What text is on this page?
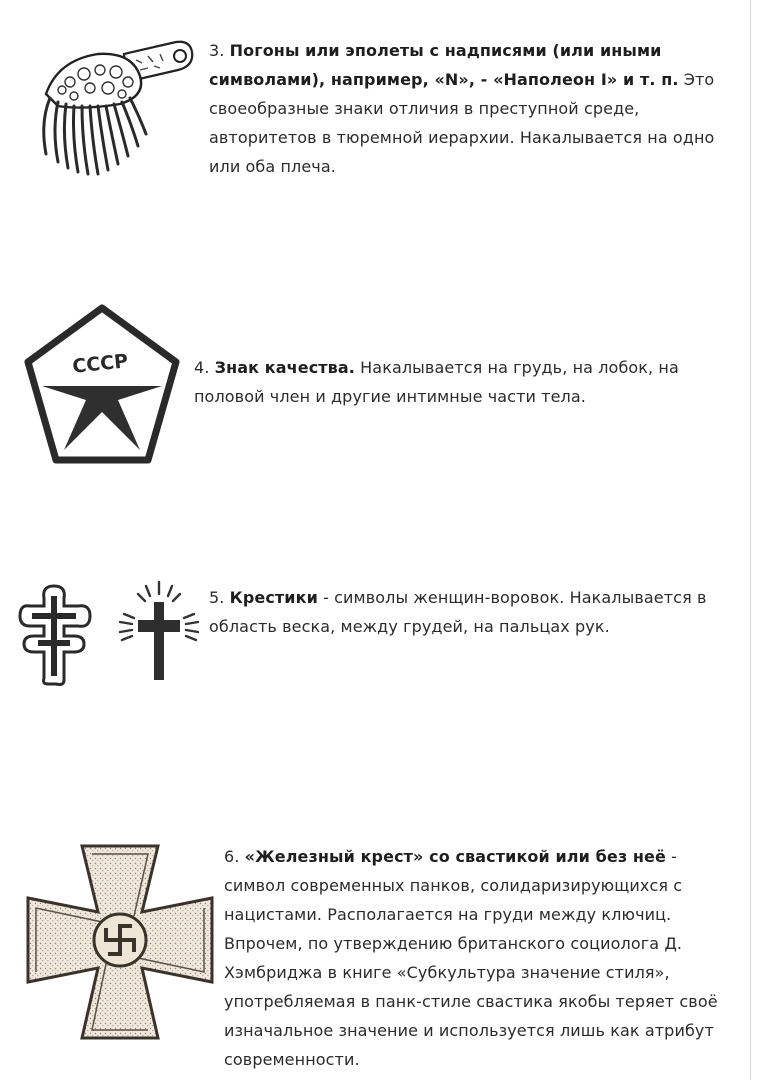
3. Погоны или эполеты с надписями (или иными символами), например, «N», - «Наполеон I» и т. п. Это своеобразные знаки отличия в преступной среде, авторитетов в тюремной иерархии. Накалывается на одно или оба плеча.
СССР	4. Знак качества. Накалывается на грудь, на лобок, на половой член и другие интимные части тела.
5. Крестики - символы женщин-воровок. Накалывается в область веска, между грудей, на пальцах рук.
6. «Железный крест» со свастикой или без неё - символ современных панков, солидаризирующихся с нацистами. Располагается на груди между ключиц. Впрочем, по утверждению британского социолога Д. Хэмбриджа в книге «Субкультура значение стиля», употребляемая в панк-стиле свастика якобы теряет своё изначальное значение и используется лишь как атрибут современности.
